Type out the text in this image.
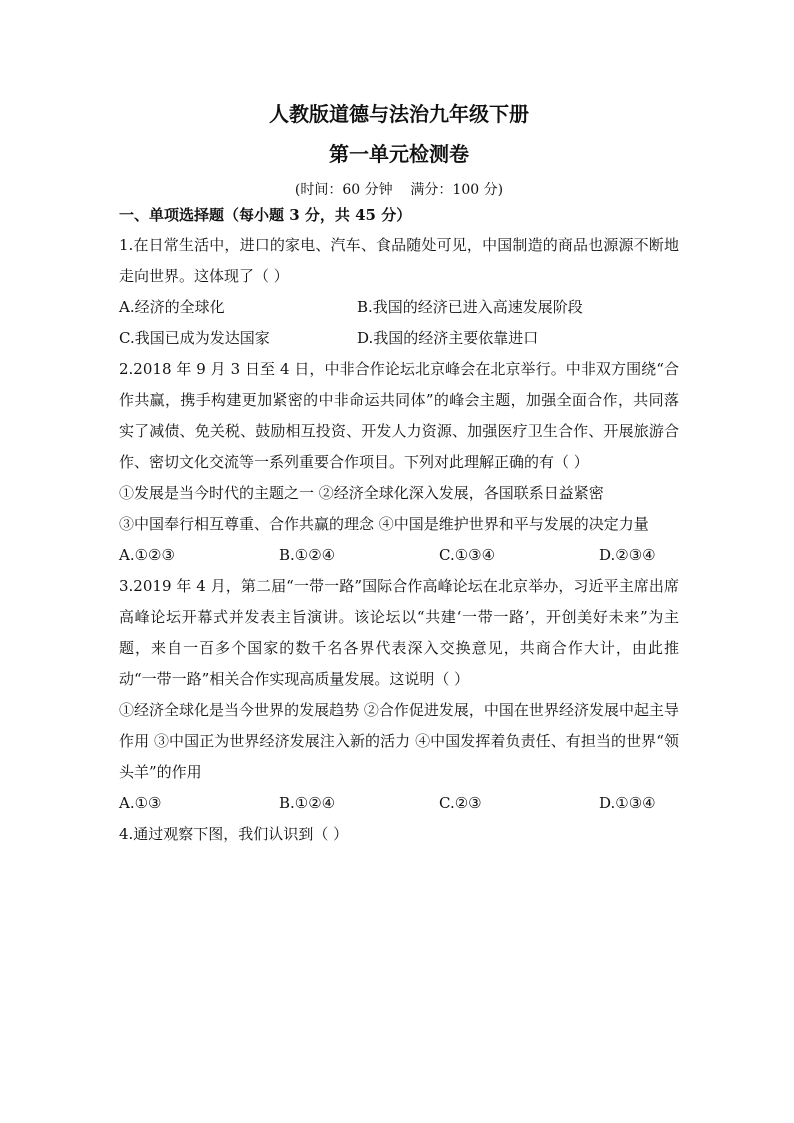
人教版道德与法治九年级下册
第一单元检测卷
(时间：60 分钟    满分：100 分)
一、单项选择题（每小题 3 分，共 45 分）
1.在日常生活中，进口的家电、汽车、食品随处可见，中国制造的商品也源源不断地走向世界。这体现了（ ）
A.经济的全球化	B.我国的经济已进入高速发展阶段
C.我国已成为发达国家	D.我国的经济主要依靠进口
2.2018 年 9 月 3 日至 4 日，中非合作论坛北京峰会在北京举行。中非双方围绕“合作共赢，携手构建更加紧密的中非命运共同体”的峰会主题，加强全面合作，共同落实了减债、免关税、鼓励相互投资、开发人力资源、加强医疗卫生合作、开展旅游合作、密切文化交流等一系列重要合作项目。下列对此理解正确的有（ ）
①发展是当今时代的主题之一 ②经济全球化深入发展，各国联系日益紧密
③中国奉行相互尊重、合作共赢的理念 ④中国是维护世界和平与发展的决定力量
A.①②③	B.①②④	C.①③④	D.②③④
3.2019 年 4 月，第二届“一带一路”国际合作高峰论坛在北京举办，习近平主席出席高峰论坛开幕式并发表主旨演讲。该论坛以“共建‘一带一路’，开创美好未来”为主题，来自一百多个国家的数千名各界代表深入交换意见，共商合作大计，由此推动“一带一路”相关合作实现高质量发展。这说明（ ）
①经济全球化是当今世界的发展趋势 ②合作促进发展，中国在世界经济发展中起主导作用 ③中国正为世界经济发展注入新的活力 ④中国发挥着负责任、有担当的世界“领头羊”的作用
A.①③	B.①②④	C.②③	D.①③④
4.通过观察下图，我们认识到（ ）
